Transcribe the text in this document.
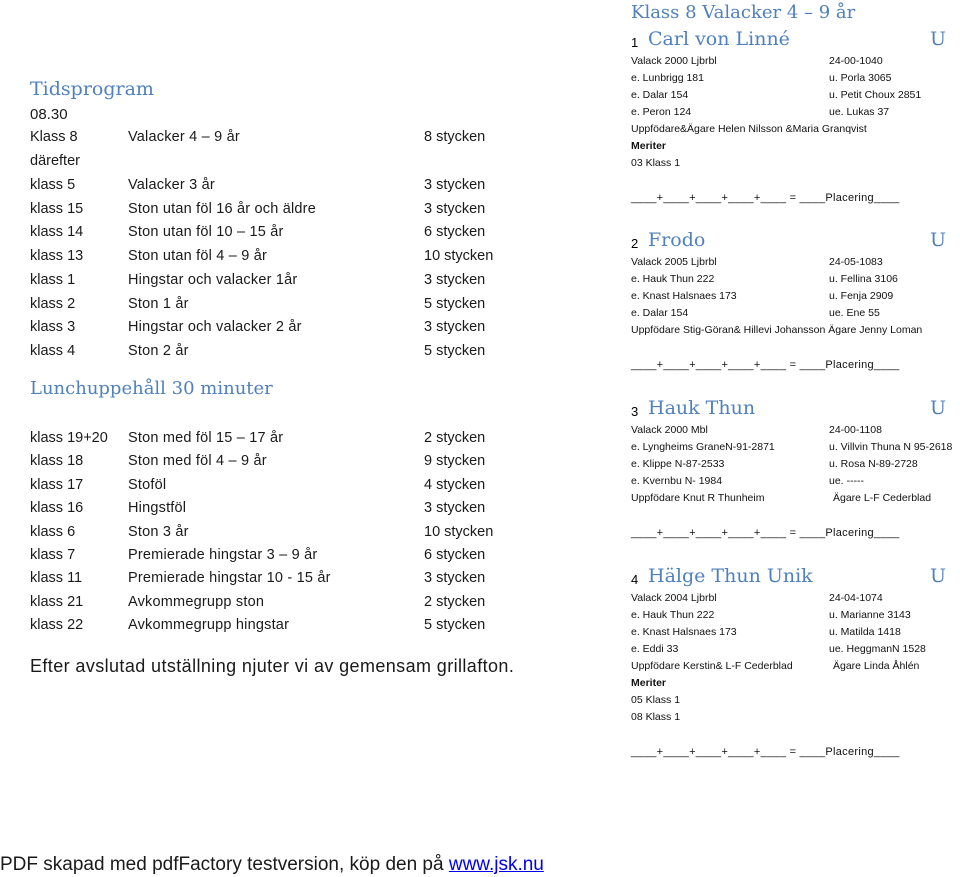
Tidsprogram
08.30
Klass 8	Valacker 4 – 9 år	8 stycken
därefter
klass 5	Valacker 3 år	3 stycken
klass 15	Ston utan föl 16 år och äldre	3 stycken
klass 14	Ston utan föl 10 – 15 år	6 stycken
klass 13	Ston utan föl 4 – 9 år	10 stycken
klass 1	Hingstar och valacker 1år	3 stycken
klass 2	Ston 1 år	5 stycken
klass 3	Hingstar och valacker 2 år	3 stycken
klass 4	Ston 2 år	5 stycken
Lunchuppehåll 30 minuter
klass 19+20 Ston med föl 15 – 17 år	2 stycken
klass 18	Ston med föl 4 – 9 år	9 stycken
klass 17	Stoföl	4 stycken
klass 16	Hingstföl	3 stycken
klass 6	Ston 3 år	10 stycken
klass 7	Premierade hingstar 3 – 9 år	6 stycken
klass 11	Premierade hingstar 10 - 15 år	3 stycken
klass 21	Avkommegrupp ston	2 stycken
klass 22	Avkommegrupp hingstar	5 stycken
Efter avslutad utställning njuter vi av gemensam grillafton.
Klass 8 Valacker 4 – 9 år
1 Carl von Linné	U
Valack 2000 Ljbrbl	24-00-1040
e. Lunbrigg 181	u. Porla 3065
e. Dalar 154	u. Petit Choux 2851
e. Peron 124	ue. Lukas 37
Uppfödare&Ägare Helen Nilsson &Maria Granqvist
Meriter
03 Klass 1
____+____+____+____+____ = ____Placering____
2 Frodo	U
Valack 2005 Ljbrbl	24-05-1083
e. Hauk Thun 222	u. Fellina 3106
e. Knast Halsnaes 173	u. Fenja 2909
e. Dalar 154	ue. Ene 55
Uppfödare Stig-Göran& Hillevi Johansson Ägare Jenny Loman
____+____+____+____+____ = ____Placering____
3 Hauk Thun	U
Valack 2000 Mbl	24-00-1108
e. Lyngheims GraneN-91-2871	u. Villvin Thuna N 95-2618
e. Klippe N-87-2533	u. Rosa N-89-2728
e. Kvernbu N- 1984	ue. -----
Uppfödare Knut R Thunheim	Ägare L-F Cederblad
____+____+____+____+____ = ____Placering____
4 Hälge Thun Unik	U
Valack 2004 Ljbrbl	24-04-1074
e. Hauk Thun 222	u. Marianne 3143
e. Knast Halsnaes 173	u. Matilda 1418
e. Eddi 33	ue. HeggmanN 1528
Uppfödare Kerstin& L-F Cederblad	Ägare Linda Åhlén
Meriter
05 Klass 1
08 Klass 1
____+____+____+____+____ = ____Placering____
PDF skapad med pdfFactory testversion, köp den på www.jsk.nu
